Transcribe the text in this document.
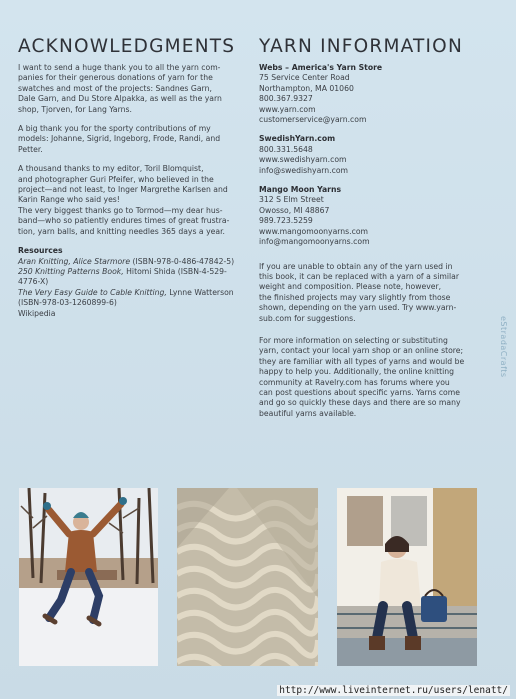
ACKNOWLEDGMENTS

I want to send a huge thank you to all the yarn com-
panies for their generous donations of yarn for the
swatches and most of the projects: Sandnes Garn,
Dale Garn, and Du Store Alpakka, as well as the yarn
shop, Tjorven, for Lang Yarns.

A big thank you for the sporty contributions of my
models: Johanne, Sigrid, Ingeborg, Frode, Randi, and
Petter.

A thousand thanks to my editor, Toril Blomquist,
and photographer Guri Pfeifer, who believed in the
project—and not least, to Inger Margrethe Karlsen and
Karin Range who said yes!
The very biggest thanks go to Tormod—my dear hus-
band—who so patiently endures times of great frustra-
tion, yarn balls, and knitting needles 365 days a year.

Resources
Aran Knitting, Alice Starmore (ISBN-978-0-486-47842-5)
250 Knitting Patterns Book, Hitomi Shida (ISBN-4-529-
4776-X)
The Very Easy Guide to Cable Knitting, Lynne Watterson
(ISBN-978-03-1260899-6)
Wikipedia
YARN INFORMATION
Webs – America's Yarn Store
75 Service Center Road
Northampton, MA 01060
800.367.9327
www.yarn.com
customerservice@yarn.com
SwedishYarn.com
800.331.5648
www.swedishyarn.com
info@swedishyarn.com
Mango Moon Yarns
312 S Elm Street
Owosso, MI 48867
989.723.5259
www.mangomoonyarns.com
info@mangomoonyarns.com

If you are unable to obtain any of the yarn used in
this book, it can be replaced with a yarn of a similar
weight and composition. Please note, however,
the finished projects may vary slightly from those
shown, depending on the yarn used. Try www.yarn-
sub.com for suggestions.

For more information on selecting or substituting
yarn, contact your local yarn shop or an online store;
they are familiar with all types of yarns and would be
happy to help you. Additionally, the online knitting
community at Ravelry.com has forums where you
can post questions about specific yarns. Yarns come
and go so quickly these days and there are so many
beautiful yarns available.

eStradaCrafts
http://www.liveinternet.ru/users/lenatt/
